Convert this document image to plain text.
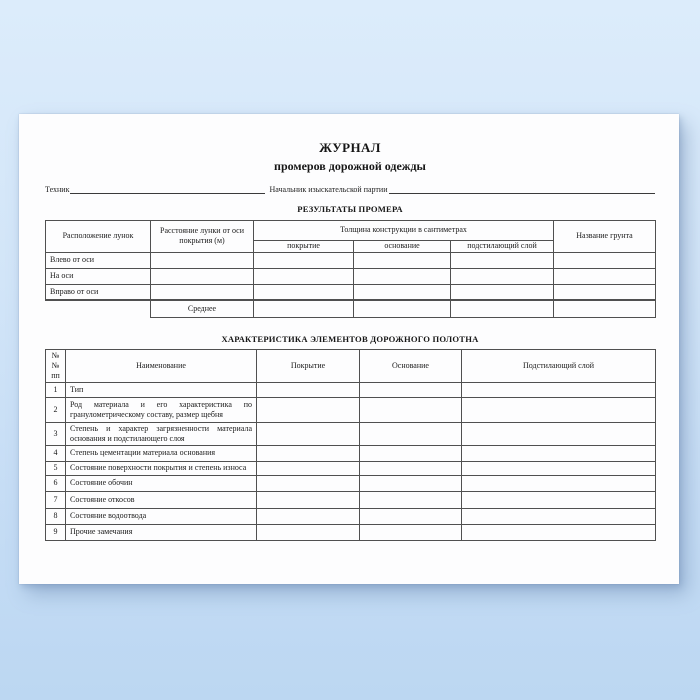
ЖУРНАЛ
промеров дорожной одежды
Техник	Начальник изыскательской партии
РЕЗУЛЬТАТЫ ПРОМЕРА
Расположение лунок	Расстояние лунки от оси покрытия (м)	Толщина конструкции в сантиметрах			Название грунта
		покрытие	основание	подстилающий слой	
Влево от оси					
На оси					
Вправо от оси					
	Среднее				
ХАРАКТЕРИСТИКА ЭЛЕМЕНТОВ ДОРОЖНОГО ПОЛОТНА
№№ пп	Наименование	Покрытие	Основание	Подстилающий слой
1	Тип			
2	Род материала и его характеристика по гранулометрическому составу, размер щебня			
3	Степень и характер загрязненности материала основания и подстилающего слоя			
4	Степень цементации материала основания			
5	Состояние поверхности покрытия и степень износа			
6	Состояние обочин			
7	Состояние откосов			
8	Состояние водоотвода			
9	Прочие замечания			
